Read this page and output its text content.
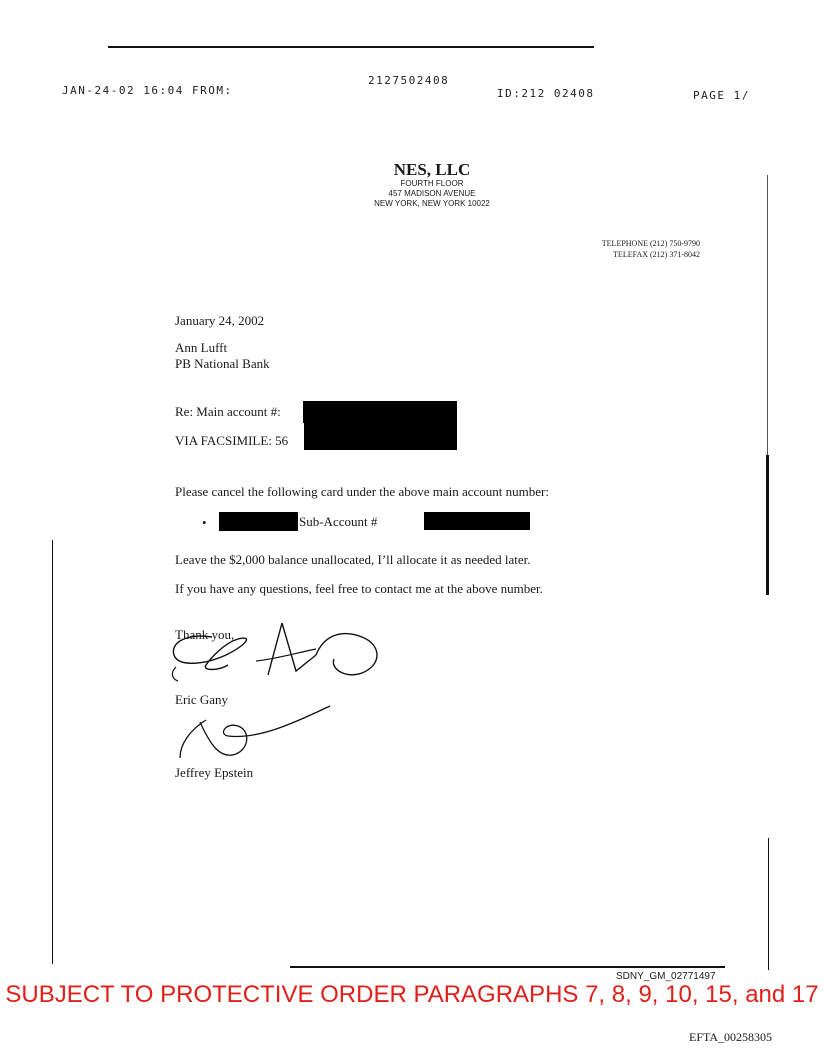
JAN-24-02 16:04 FROM:
2127502408
ID:212 02408	PAGE 1/
NES, LLC
FOURTH FLOOR
457 MADISON AVENUE
NEW YORK, NEW YORK 10022
TELEPHONE (212) 750-9790
TELEFAX (212) 371-8042
January 24, 2002
Ann Lufft
PB National Bank
Re: Main account #:
VIA FACSIMILE: 56
Please cancel the following card under the above main account number:
•	Sub-Account #
Leave the $2,000 balance unallocated, I’ll allocate it as needed later.
If you have any questions, feel free to contact me at the above number.
Thank you,
Eric Gany
Jeffrey Epstein
SDNY_GM_02771497
SUBJECT TO PROTECTIVE ORDER PARAGRAPHS 7, 8, 9, 10, 15, and 17
EFTA_00258305
